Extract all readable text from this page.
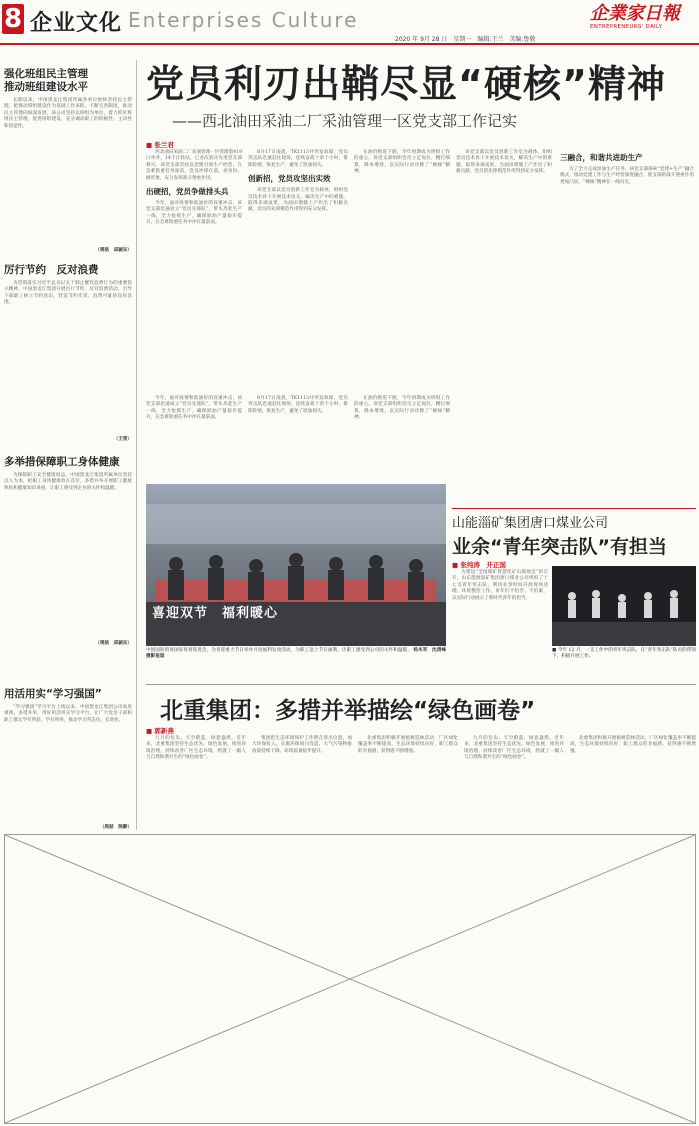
8 企业文化 Enterprises Culture	企業家日報
ENTREPRENEURS' DAILY
2020 年 9月 28 日　星期一　编辑:王兰　美编:鲁敬
强化班组民主管理
推动班组建设水平

长期以来，中国黑龙江集团所属各单位始终坚持民主管理，把推动班组建设作为基础工作来抓，不断完善制度，推动民主管理向纵深发展。该公司坚持以班组为单位，着力抓好班组民主管理，促进班组建设，充分调动职工的积极性、主动性和创造性。

（周喆　邱颖东）
厉行节约　反对浪费

为贯彻落实习近平总书记关于制止餐饮浪费行为的重要指示精神，中国黑龙江集团开展厉行节约、反对浪费活动，引导干部职工树立节约意识，营造节约光荣、浪费可耻的良好氛围。

（王雪）
多举措保障职工身体健康

为保障职工安全健康权益，中国黑龙江集团所属单位坚持以人为本，把职工身体健康放在首位，多措并举开展职工健康体检和健康知识讲座，让职工感受到企业的关怀和温暖。

（周喆　邱颖东）
用活用实“学习强国”

“学习强国”学习平台上线以来，中国黑龙江集团公司高度重视，多措并举，用好用活用实学习平台，让广大党员干部和职工群众学有所获、学有所用，推动学习常态化、长效化。

（周喆　陈静）
党员利刃出鞘尽显“硬核”精神
——西北油田采油二厂采油管理一区党支部工作记实
■ 张兰君

西北油田采油二厂采油管理一区管理着419口单井，14个计转站，已多次获评先进党支部称号。该党支部坚持以党建引领生产经营，在急难险重任务面前，党员冲锋在前，亮身份、树形象，充分发挥战斗堡垒作用。

出硬招，党员争做排头兵

今年，面对疫情和低油价的双重冲击，该党支部迅速成立“党员先锋队”，带头奔赴生产一线，全力抢抓生产，确保原油产量稳步提升，在急难险重任务中冲在最前面。

8月17日凌晨，TK1113井突发故障，党员突击队迅速赶往现场，连续奋战十余个小时，排除险情，恢复生产，避免了原油损失。

创新招，党员攻坚出实效

该党支部以党员创新工作室为载体，组织党员技术骨干开展技术攻关，解决生产中的难题，取得多项成果，为油田增储上产作出了积极贡献，党员的先锋模范作用得到充分发挥。

在油价断崖下跌，今年初期成为班组工作的重心。该党支部组织党员立足岗位，精打细算，降本增效，以实际行动诠释了“硬核”精神。

该党支部以党员创新工作室为载体，组织党员技术骨干开展技术攻关，解决生产中的难题，取得多项成果，为油田增储上产作出了积极贡献，党员的先锋模范作用得到充分发挥。

三融合，和谐共进助生产

为了全力完成原油生产任务，该党支部探索“党建+生产”融合模式，推动党建工作与生产经营深度融合，使支部的战斗堡垒作用更加凸显，“硬核”精神在一线闪光。

今年，面对疫情和低油价的双重冲击，该党支部迅速成立“党员先锋队”，带头奔赴生产一线，全力抢抓生产，确保原油产量稳步提升，在急难险重任务中冲在最前面。

8月17日凌晨，TK1113井突发故障，党员突击队迅速赶往现场，连续奋战十余个小时，排除险情，恢复生产，避免了原油损失。

在油价断崖下跌，今年初期成为班组工作的重心。该党支部组织党员立足岗位，精打细算，降本增效，以实际行动诠释了“硬核”精神。

喜迎双节　福利暖心
中国国际贸易国家贸易促进会，为喜迎重大节日举办月度福利发放活动，为职工送上节日福利，让职工感受到公司的关怀和温暖。 杨木军　沈清峰　摄影报道
山能淄矿集团唐口煤业公司
业余“青年突击队”有担当
■ 张纯涛　开正国

为建设“全国煤矿智慧化矿山现场会”的召开，山东能源淄矿集团唐口煤业公司组织了十七支青年突击队，利用业余时间开展现场清理、环境整治工作。青年们不怕苦、不怕累，以实际行动展示了新时代青年的担当。

■ 今年 12 月，一支工作中的青年突击队，在“青年突击队”队员的带领下，积极开展工作。
北重集团：多措并举描绘“绿色画卷”
■ 郭新燕

九月的包头，天空蔚蓝，绿意盎然。近年来，北重集团坚持生态优先、绿色发展，推进环境治理，持续改善厂区生态环境，绘就了一幅人与自然和谐共生的“绿色画卷”。

集团把生态环境保护工作摆在突出位置，加大环保投入，实施环保项目改造，大气污染物排放量持续下降，环境质量稳步提升。

北重集团积极开展植树造林活动，厂区绿化覆盖率不断提高，生态环境持续向好，职工群众的幸福感、获得感不断增强。

九月的包头，天空蔚蓝，绿意盎然。近年来，北重集团坚持生态优先、绿色发展，推进环境治理，持续改善厂区生态环境，绘就了一幅人与自然和谐共生的“绿色画卷”。

北重集团积极开展植树造林活动，厂区绿化覆盖率不断提高，生态环境持续向好，职工群众的幸福感、获得感不断增强。
